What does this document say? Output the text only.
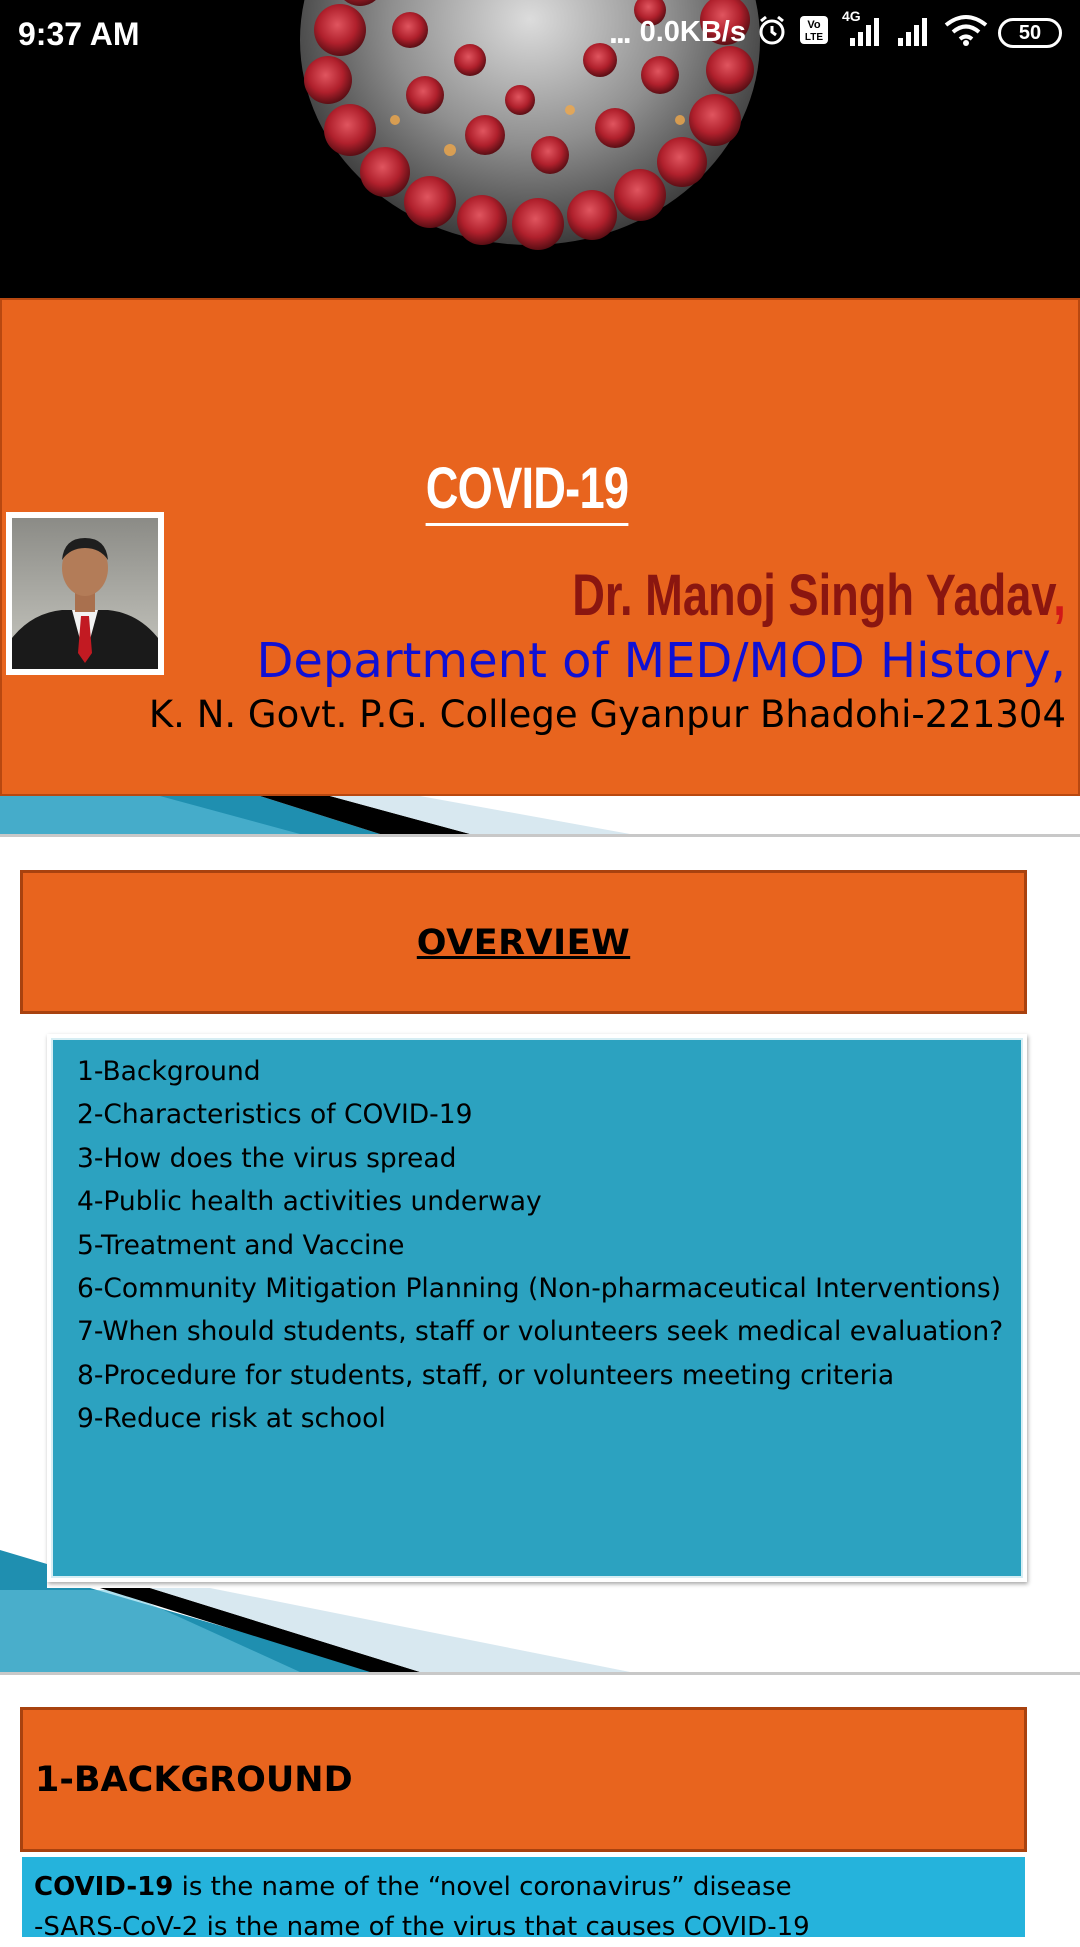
9:37 AM	... 0.0KB/s	Vo
LTE
4G
50
COVID-19
Dr. Manoj Singh Yadav,
Department of MED/MOD History,
K. N. Govt. P.G. College Gyanpur Bhadohi-221304
OVERVIEW
1-Background
2-Characteristics of COVID-19
3-How does the virus spread
4-Public health activities underway
5-Treatment and Vaccine
6-Community Mitigation Planning (Non-pharmaceutical Interventions)
7-When should students, staff or volunteers seek medical evaluation?
8-Procedure for students, staff, or volunteers meeting criteria
9-Reduce risk at school
1-BACKGROUND

COVID-19 is the name of the “novel coronavirus” disease

-SARS-CoV-2 is the name of the virus that causes COVID-19
